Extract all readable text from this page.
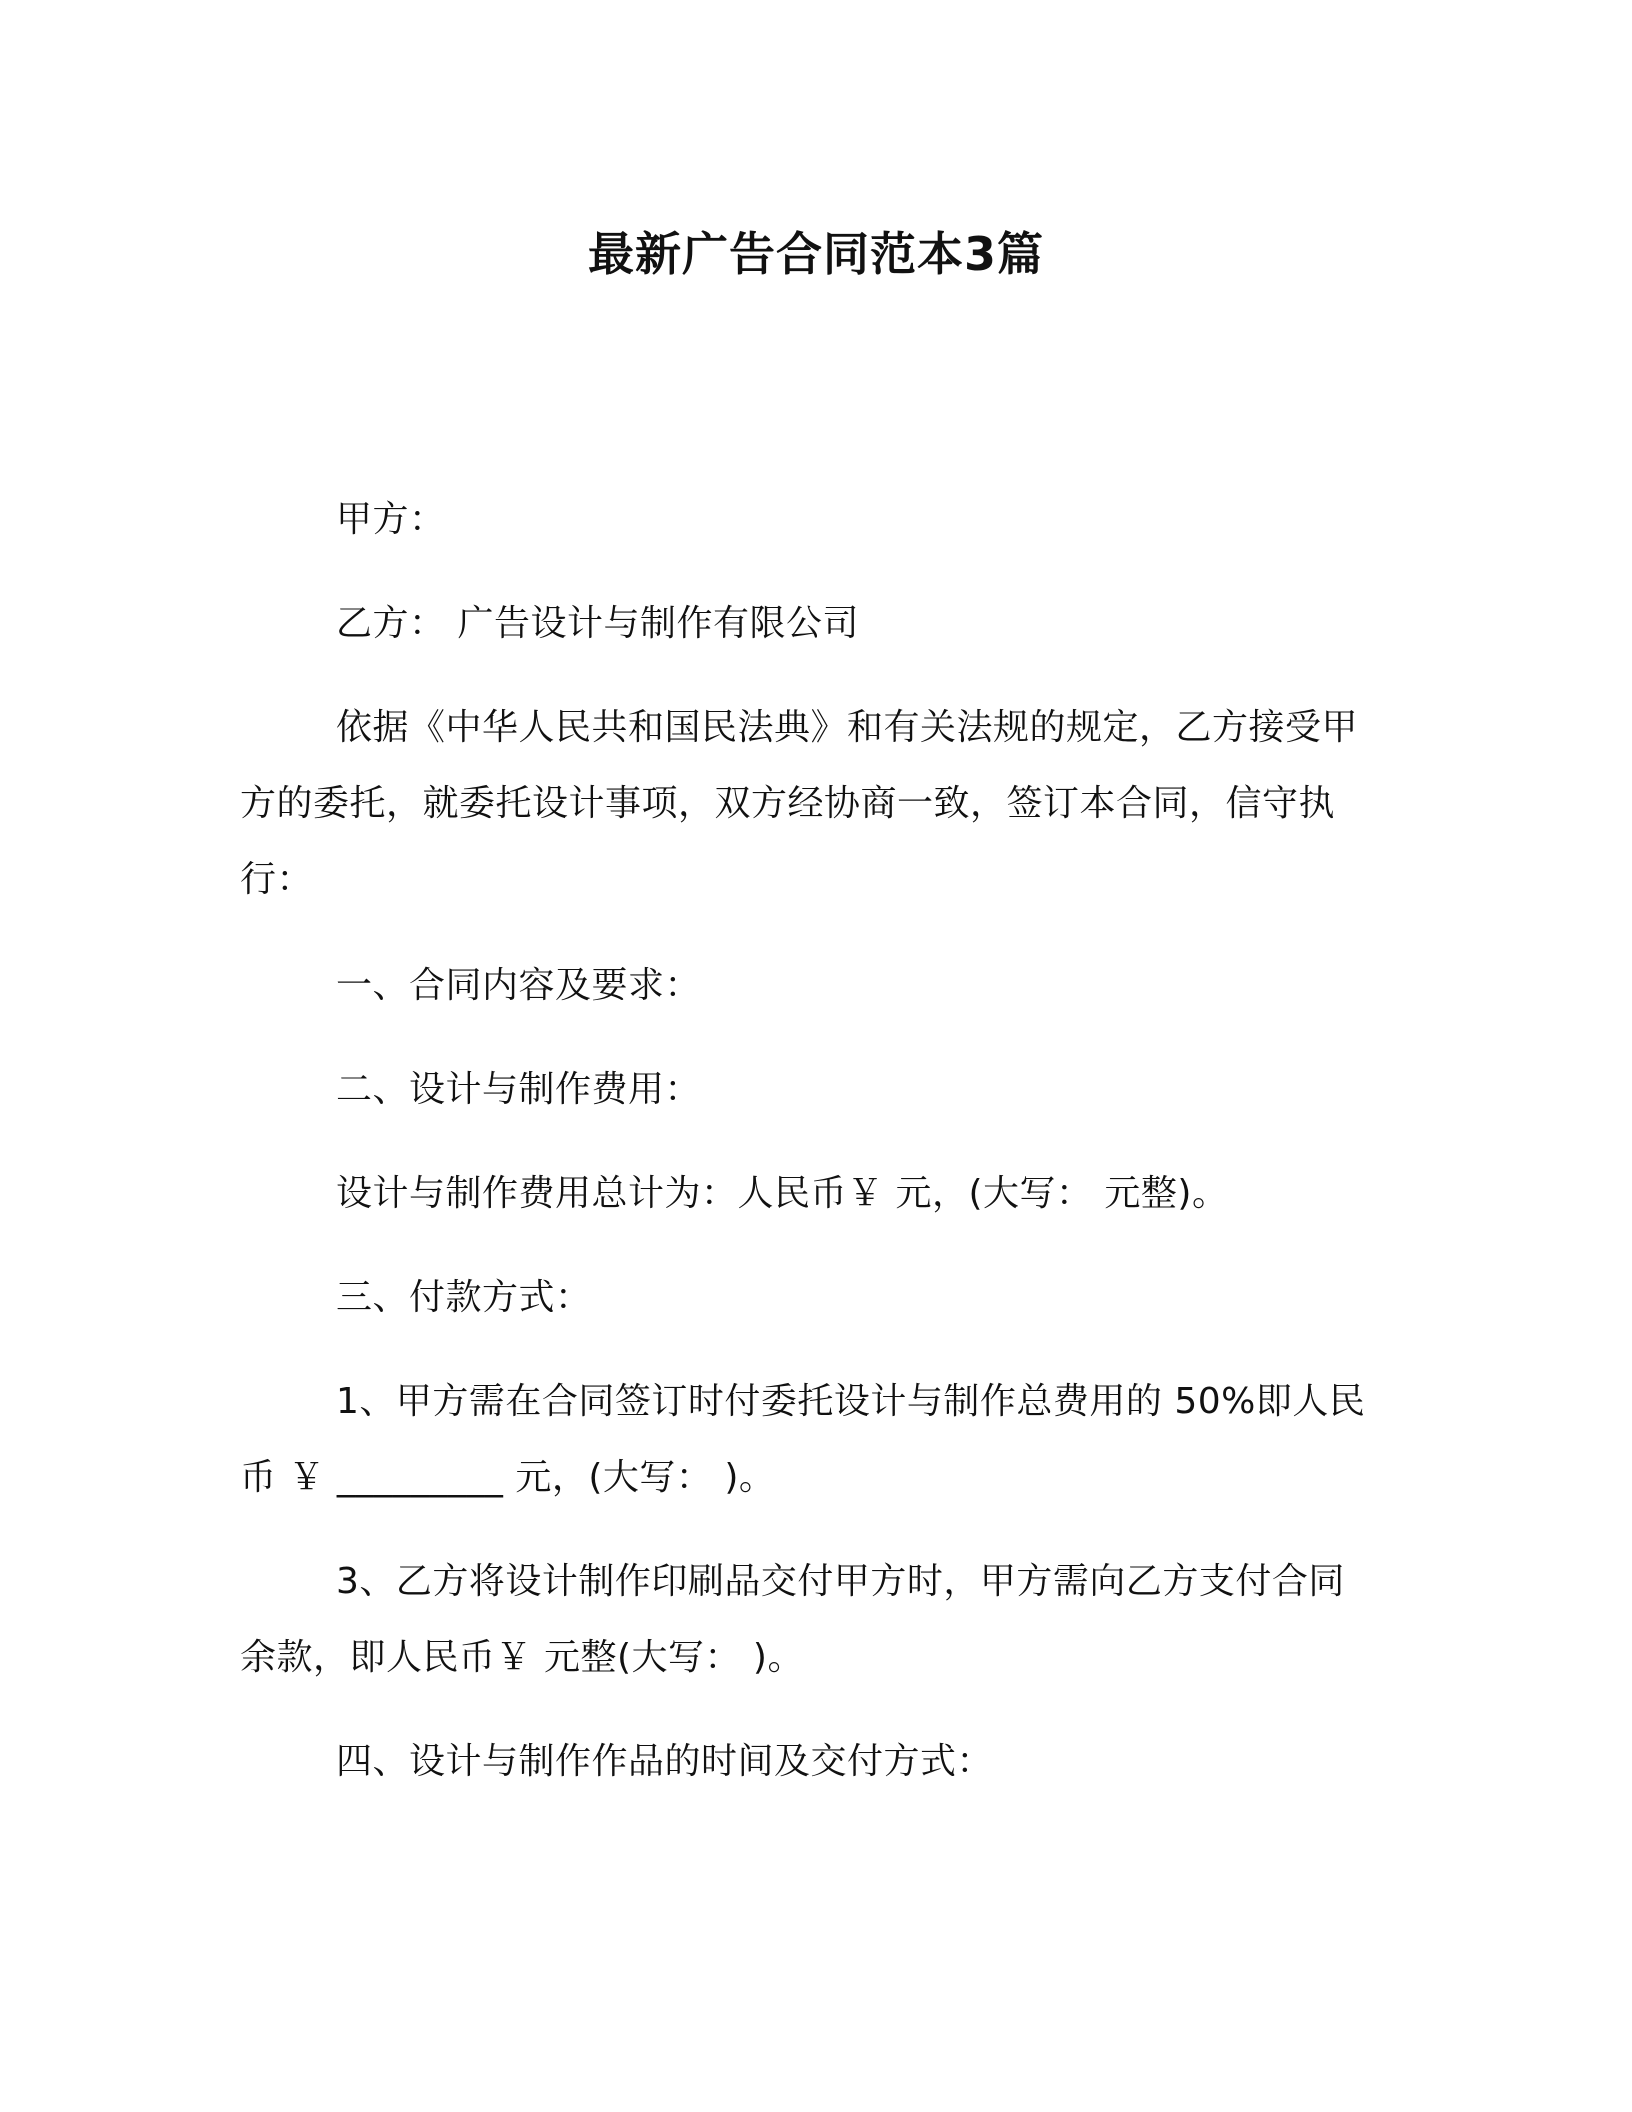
最新广告合同范本3篇

甲方：

乙方： 广告设计与制作有限公司

依据《中华人民共和国民法典》和有关法规的规定，乙方接受甲方的委托，就委托设计事项，双方经协商一致，签订本合同，信守执行：

一、合同内容及要求：

二、设计与制作费用：

设计与制作费用总计为：人民币￥ 元，(大写： 元整)。

三、付款方式：

1、甲方需在合同签订时付委托设计与制作总费用的 50%即人民币 ￥ _________ 元，(大写： )。

3、乙方将设计制作印刷品交付甲方时，甲方需向乙方支付合同余款，即人民币￥ 元整(大写： )。

四、设计与制作作品的时间及交付方式：
